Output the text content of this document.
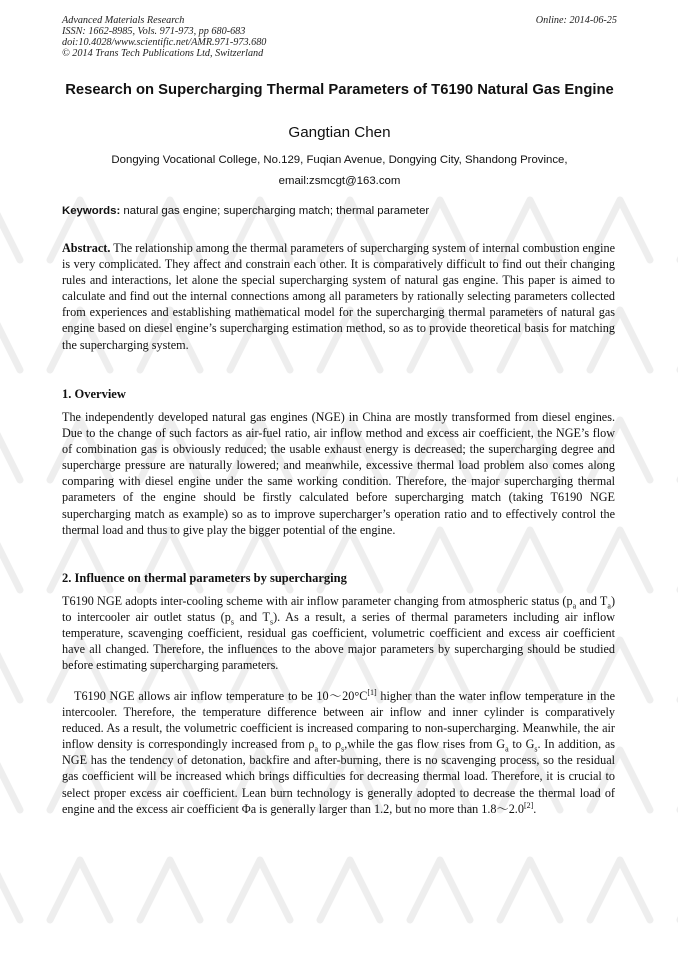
Advanced Materials Research
ISSN: 1662-8985, Vols. 971-973, pp 680-683
doi:10.4028/www.scientific.net/AMR.971-973.680
© 2014 Trans Tech Publications Ltd, Switzerland
Online: 2014-06-25
Research on Supercharging Thermal Parameters of T6190 Natural Gas Engine
Gangtian Chen
Dongying Vocational College, No.129, Fuqian Avenue, Dongying City, Shandong Province,
email:zsmcgt@163.com
Keywords: natural gas engine; supercharging match; thermal parameter

Abstract. The relationship among the thermal parameters of supercharging system of internal combustion engine is very complicated. They affect and constrain each other. It is comparatively difficult to find out their changing rules and interactions, let alone the special supercharging system of natural gas engine. This paper is aimed to calculate and find out the internal connections among all parameters by rationally selecting parameters collected from experiences and establishing mathematical model for the supercharging thermal parameters of natural gas engine based on diesel engine’s supercharging estimation method, so as to provide theoretical basis for matching the supercharging system.

1. Overview

The independently developed natural gas engines (NGE) in China are mostly transformed from diesel engines. Due to the change of such factors as air-fuel ratio, air inflow method and excess air coefficient, the NGE’s flow of combination gas is obviously reduced; the usable exhaust energy is decreased; the supercharging degree and supercharge pressure are naturally lowered; and meanwhile, excessive thermal load problem also comes along comparing with diesel engine under the same working condition. Therefore, the major supercharging thermal parameters of the engine should be firstly calculated before supercharging match (taking T6190 NGE supercharging match as example) so as to improve supercharger’s operation ratio and to effectively control the thermal load and thus to give play the bigger potential of the engine.

2. Influence on thermal parameters by supercharging

T6190 NGE adopts inter-cooling scheme with air inflow parameter changing from atmospheric status ($p_a$ and $T_a$) to intercooler air outlet status ($p_s$ and $T_s$). As a result, a series of thermal parameters including air inflow temperature, scavenging coefficient, residual gas coefficient, volumetric coefficient and excess air coefficient have all changed. Therefore, the influences to the above major parameters by supercharging should be studied before estimating supercharging parameters.

T6190 NGE allows air inflow temperature to be 10～20°C[1] higher than the water inflow temperature in the intercooler. Therefore, the temperature difference between air inflow and inner cylinder is comparatively reduced. As a result, the volumetric coefficient is increased comparing to non-supercharging. Meanwhile, the air inflow density is correspondingly increased from $\rho_a$ to $\rho_s,while$ the gas flow rises from $G_a$ to $G_s$. In addition, as NGE has the tendency of detonation, backfire and after-burning, there is no scavenging process, so the residual gas coefficient will be increased which brings difficulties for decreasing thermal load. Therefore, it is crucial to select proper excess air coefficient. Lean burn technology is generally adopted to decrease the thermal load of engine and the excess air coefficient Φa is generally larger than 1.2, but no more than 1.8～2.0[2].
